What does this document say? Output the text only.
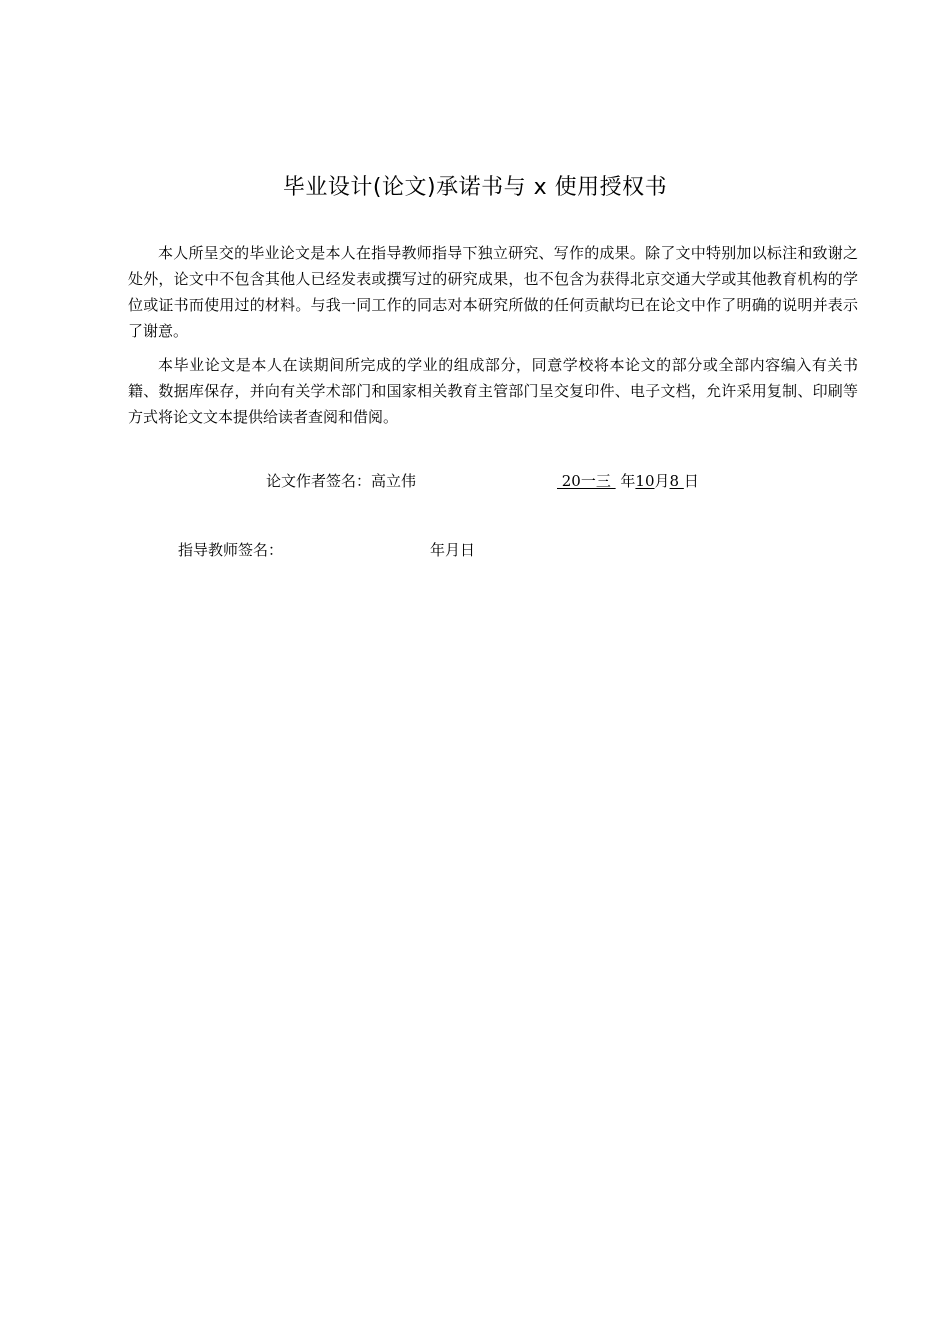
毕业设计(论文)承诺书与 x 使用授权书

本人所呈交的毕业论文是本人在指导教师指导下独立研究、写作的成果。除了文中特别加以标注和致谢之处外，论文中不包含其他人已经发表或撰写过的研究成果，也不包含为获得北京交通大学或其他教育机构的学位或证书而使用过的材料。与我一同工作的同志对本研究所做的任何贡献均已在论文中作了明确的说明并表示了谢意。

本毕业论文是本人在读期间所完成的学业的组成部分，同意学校将本论文的部分或全部内容编入有关书籍、数据库保存，并向有关学术部门和国家相关教育主管部门呈交复印件、电子文档，允许采用复制、印刷等方式将论文文本提供给读者查阅和借阅。

论文作者签名：高立伟	20一三  年10月8 日
指导教师签名：	年月日
